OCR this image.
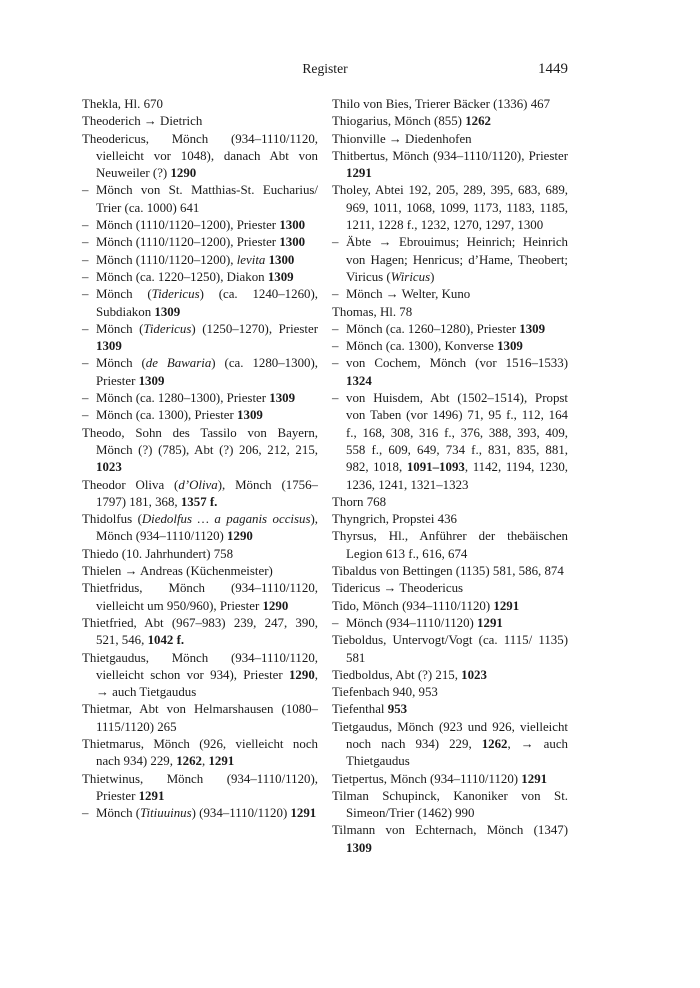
Register	1449

Thekla, Hl. 670

Theoderich → Dietrich

Theodericus, Mönch (934–1110/1120, vielleicht vor 1048), danach Abt von Neuweiler (?) 1290

– Mönch von St. Matthias-St. Eucharius/ Trier (ca. 1000) 641

– Mönch (1110/1120–1200), Priester 1300

– Mönch (1110/1120–1200), Priester 1300

– Mönch (1110/1120–1200), levita 1300

– Mönch (ca. 1220–1250), Diakon 1309

– Mönch (Tidericus) (ca. 1240–1260), Subdiakon 1309

– Mönch (Tidericus) (1250–1270), Priester 1309

– Mönch (de Bawaria) (ca. 1280–1300), Priester 1309

– Mönch (ca. 1280–1300), Priester 1309

– Mönch (ca. 1300), Priester 1309

Theodo, Sohn des Tassilo von Bayern, Mönch (?) (785), Abt (?) 206, 212, 215, 1023

Theodor Oliva (d’Oliva), Mönch (1756–1797) 181, 368, 1357 f.

Thidolfus (Diedolfus … a paganis occisus), Mönch (934–1110/1120) 1290

Thiedo (10. Jahrhundert) 758

Thielen → Andreas (Küchenmeister)

Thietfridus, Mönch (934–1110/1120, vielleicht um 950/960), Priester 1290

Thietfried, Abt (967–983) 239, 247, 390, 521, 546, 1042 f.

Thietgaudus, Mönch (934–1110/1120, vielleicht schon vor 934), Priester 1290, → auch Tietgaudus

Thietmar, Abt von Helmarshausen (1080–1115/1120) 265

Thietmarus, Mönch (926, vielleicht noch nach 934) 229, 1262, 1291

Thietwinus, Mönch (934–1110/1120), Priester 1291

– Mönch (Titiuuinus) (934–1110/1120) 1291

Thilo von Bies, Trierer Bäcker (1336) 467

Thiogarius, Mönch (855) 1262

Thionville → Diedenhofen

Thitbertus, Mönch (934–1110/1120), Priester 1291

Tholey, Abtei 192, 205, 289, 395, 683, 689, 969, 1011, 1068, 1099, 1173, 1183, 1185, 1211, 1228 f., 1232, 1270, 1297, 1300

– Äbte → Ebrouimus; Heinrich; Heinrich von Hagen; Henricus; d’Hame, Theobert; Viricus (Wiricus)

– Mönch → Welter, Kuno

Thomas, Hl. 78

– Mönch (ca. 1260–1280), Priester 1309

– Mönch (ca. 1300), Konverse 1309

– von Cochem, Mönch (vor 1516–1533) 1324

– von Huisdem, Abt (1502–1514), Propst von Taben (vor 1496) 71, 95 f., 112, 164 f., 168, 308, 316 f., 376, 388, 393, 409, 558 f., 609, 649, 734 f., 831, 835, 881, 982, 1018, 1091–1093, 1142, 1194, 1230, 1236, 1241, 1321–1323

Thorn 768

Thyngrich, Propstei 436

Thyrsus, Hl., Anführer der thebäischen Legion 613 f., 616, 674

Tibaldus von Bettingen (1135) 581, 586, 874

Tidericus → Theodericus

Tido, Mönch (934–1110/1120) 1291

– Mönch (934–1110/1120) 1291

Tieboldus, Untervogt/Vogt (ca. 1115/ 1135) 581

Tiedboldus, Abt (?) 215, 1023

Tiefenbach 940, 953

Tiefenthal 953

Tietgaudus, Mönch (923 und 926, vielleicht noch nach 934) 229, 1262, → auch Thietgaudus

Tietpertus, Mönch (934–1110/1120) 1291

Tilman Schupinck, Kanoniker von St. Simeon/Trier (1462) 990

Tilmann von Echternach, Mönch (1347) 1309
